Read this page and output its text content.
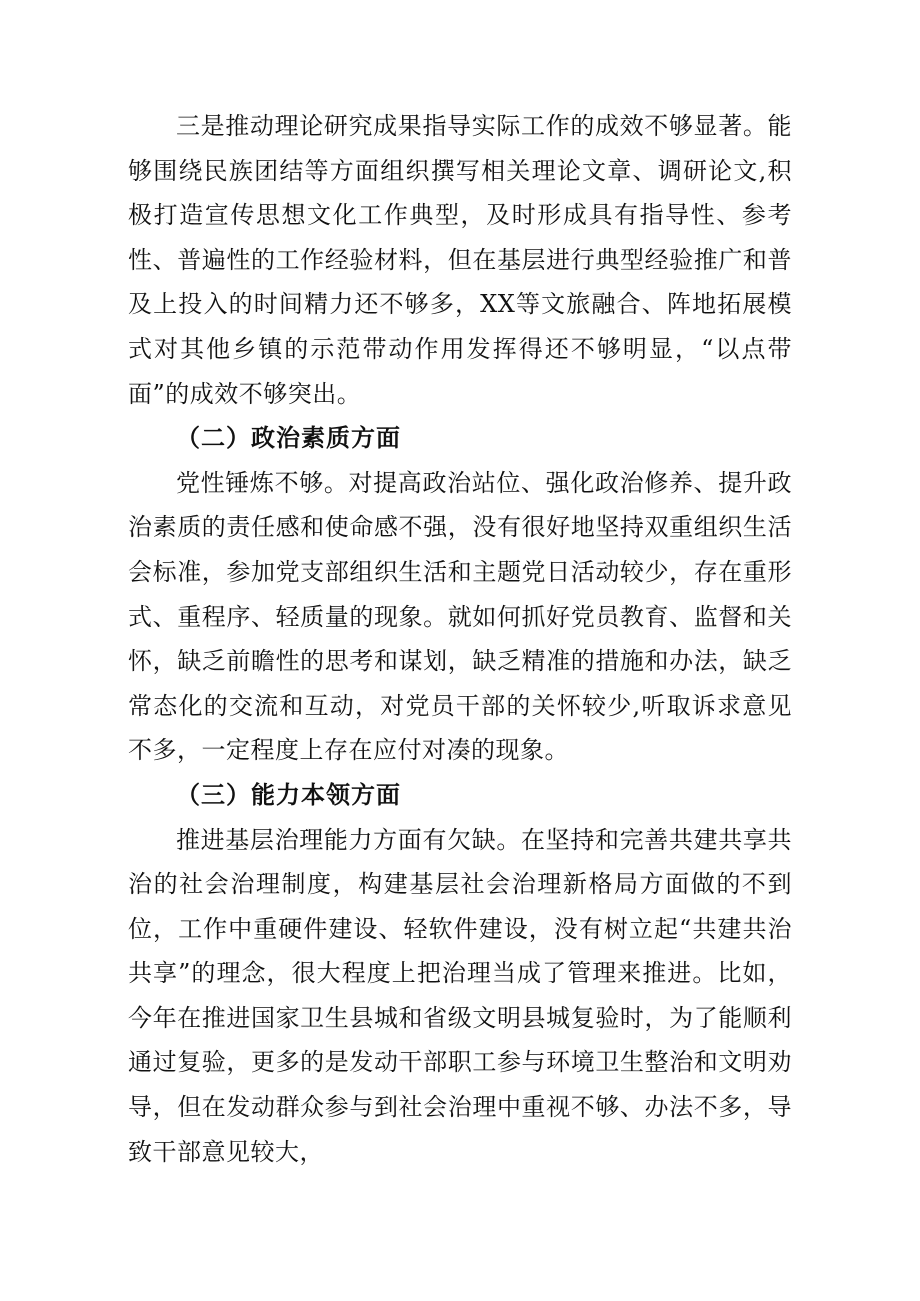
三是推动理论研究成果指导实际工作的成效不够显著。能够围绕民族团结等方面组织撰写相关理论文章、调研论文,积极打造宣传思想文化工作典型，及时形成具有指导性、参考性、普遍性的工作经验材料，但在基层进行典型经验推广和普及上投入的时间精力还不够多，XX等文旅融合、阵地拓展模式对其他乡镇的示范带动作用发挥得还不够明显，“以点带面”的成效不够突出。

（二）政治素质方面

党性锤炼不够。对提高政治站位、强化政治修养、提升政治素质的责任感和使命感不强，没有很好地坚持双重组织生活会标准，参加党支部组织生活和主题党日活动较少，存在重形式、重程序、轻质量的现象。就如何抓好党员教育、监督和关怀，缺乏前瞻性的思考和谋划，缺乏精准的措施和办法，缺乏常态化的交流和互动，对党员干部的关怀较少,听取诉求意见不多，一定程度上存在应付对凑的现象。

（三）能力本领方面

推进基层治理能力方面有欠缺。在坚持和完善共建共享共治的社会治理制度，构建基层社会治理新格局方面做的不到位，工作中重硬件建设、轻软件建设，没有树立起“共建共治共享”的理念，很大程度上把治理当成了管理来推进。比如，今年在推进国家卫生县城和省级文明县城复验时，为了能顺利通过复验，更多的是发动干部职工参与环境卫生整治和文明劝导，但在发动群众参与到社会治理中重视不够、办法不多，导致干部意见较大，
